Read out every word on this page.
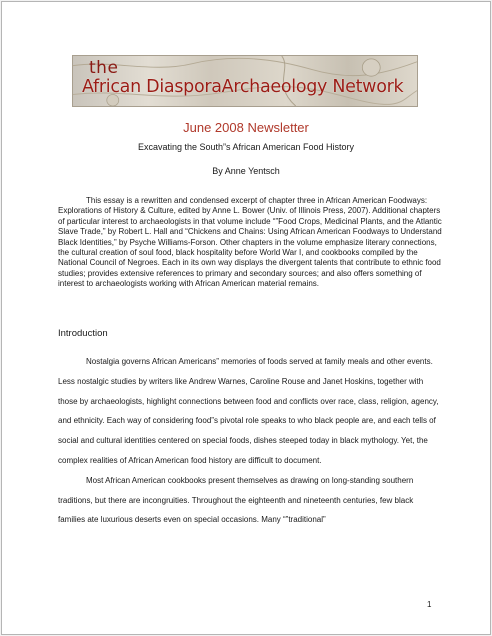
the
African DiasporaArchaeology Network
June 2008 Newsletter
Excavating the South”s African American Food History
By Anne Yentsch
This essay is a rewritten and condensed excerpt of chapter three in African American Foodways: Explorations of History & Culture, edited by Anne L. Bower (Univ. of Illinois Press, 2007). Additional chapters of particular interest to archaeologists in that volume include “”Food Crops, Medicinal Plants, and the Atlantic Slave Trade,” by Robert L. Hall and “Chickens and Chains: Using African American Foodways to Understand Black Identities,” by Psyche Williams-Forson. Other chapters in the volume emphasize literary connections, the cultural creation of soul food, black hospitality before World War I, and cookbooks compiled by the National Council of Negroes. Each in its own way displays the divergent talents that contribute to ethnic food studies; provides extensive references to primary and secondary sources; and also offers something of interest to archaeologists working with African American material remains.
Introduction

Nostalgia governs African Americans” memories of foods served at family meals and other events. Less nostalgic studies by writers like Andrew Warnes, Caroline Rouse and Janet Hoskins, together with those by archaeologists, highlight connections between food and conflicts over race, class, religion, agency, and ethnicity. Each way of considering food”s pivotal role speaks to who black people are, and each tells of social and cultural identities centered on special foods, dishes steeped today in black mythology. Yet, the complex realities of African American food history are difficult to document.

Most African American cookbooks present themselves as drawing on long-standing southern traditions, but there are incongruities. Throughout the eighteenth and nineteenth centuries, few black families ate luxurious deserts even on special occasions. Many “”traditional”

1
